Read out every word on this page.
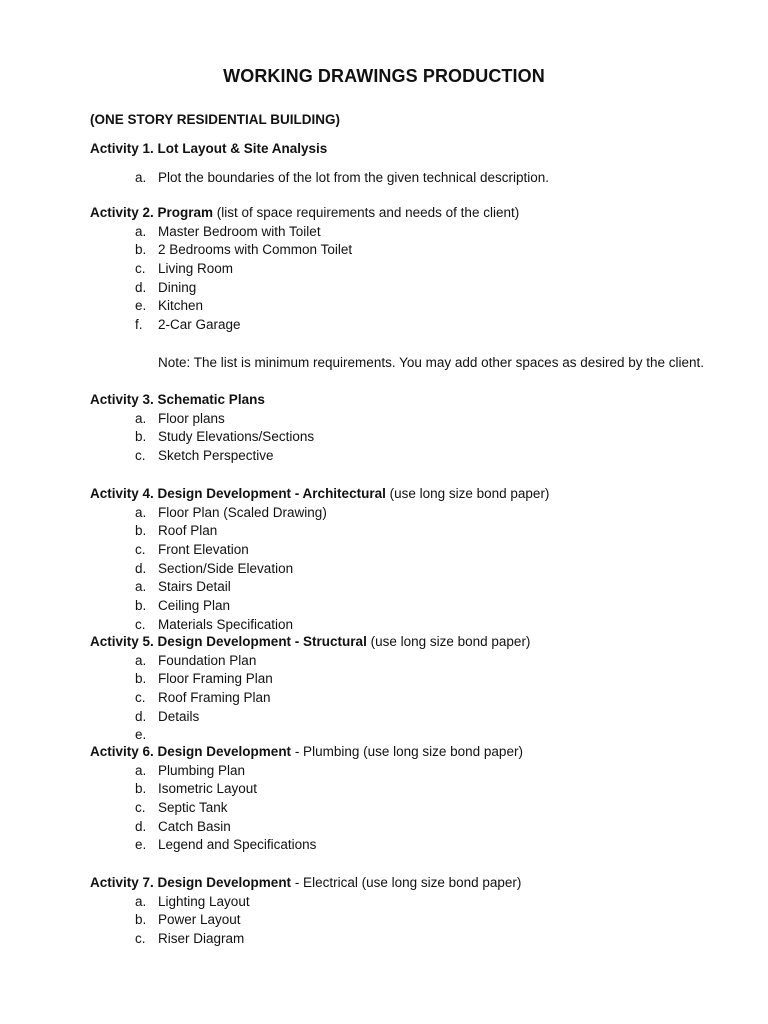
WORKING DRAWINGS PRODUCTION
(ONE STORY RESIDENTIAL BUILDING)
Activity 1. Lot Layout & Site Analysis
a. Plot the boundaries of the lot from the given technical description.
Activity 2. Program (list of space requirements and needs of the client)
a. Master Bedroom with Toilet
b. 2 Bedrooms with Common Toilet
c. Living Room
d. Dining
e. Kitchen
f. 2-Car Garage
Note: The list is minimum requirements. You may add other spaces as desired by the client.
Activity 3. Schematic Plans
a. Floor plans
b. Study Elevations/Sections
c. Sketch Perspective
Activity 4. Design Development - Architectural (use long size bond paper)
a. Floor Plan (Scaled Drawing)
b. Roof Plan
c. Front Elevation
d. Section/Side Elevation
a. Stairs Detail
b. Ceiling Plan
c. Materials Specification
Activity 5. Design Development - Structural (use long size bond paper)
a. Foundation Plan
b. Floor Framing Plan
c. Roof Framing Plan
d. Details
e.
Activity 6. Design Development - Plumbing (use long size bond paper)
a. Plumbing Plan
b. Isometric Layout
c. Septic Tank
d. Catch Basin
e. Legend and Specifications
Activity 7. Design Development - Electrical (use long size bond paper)
a. Lighting Layout
b. Power Layout
c. Riser Diagram
